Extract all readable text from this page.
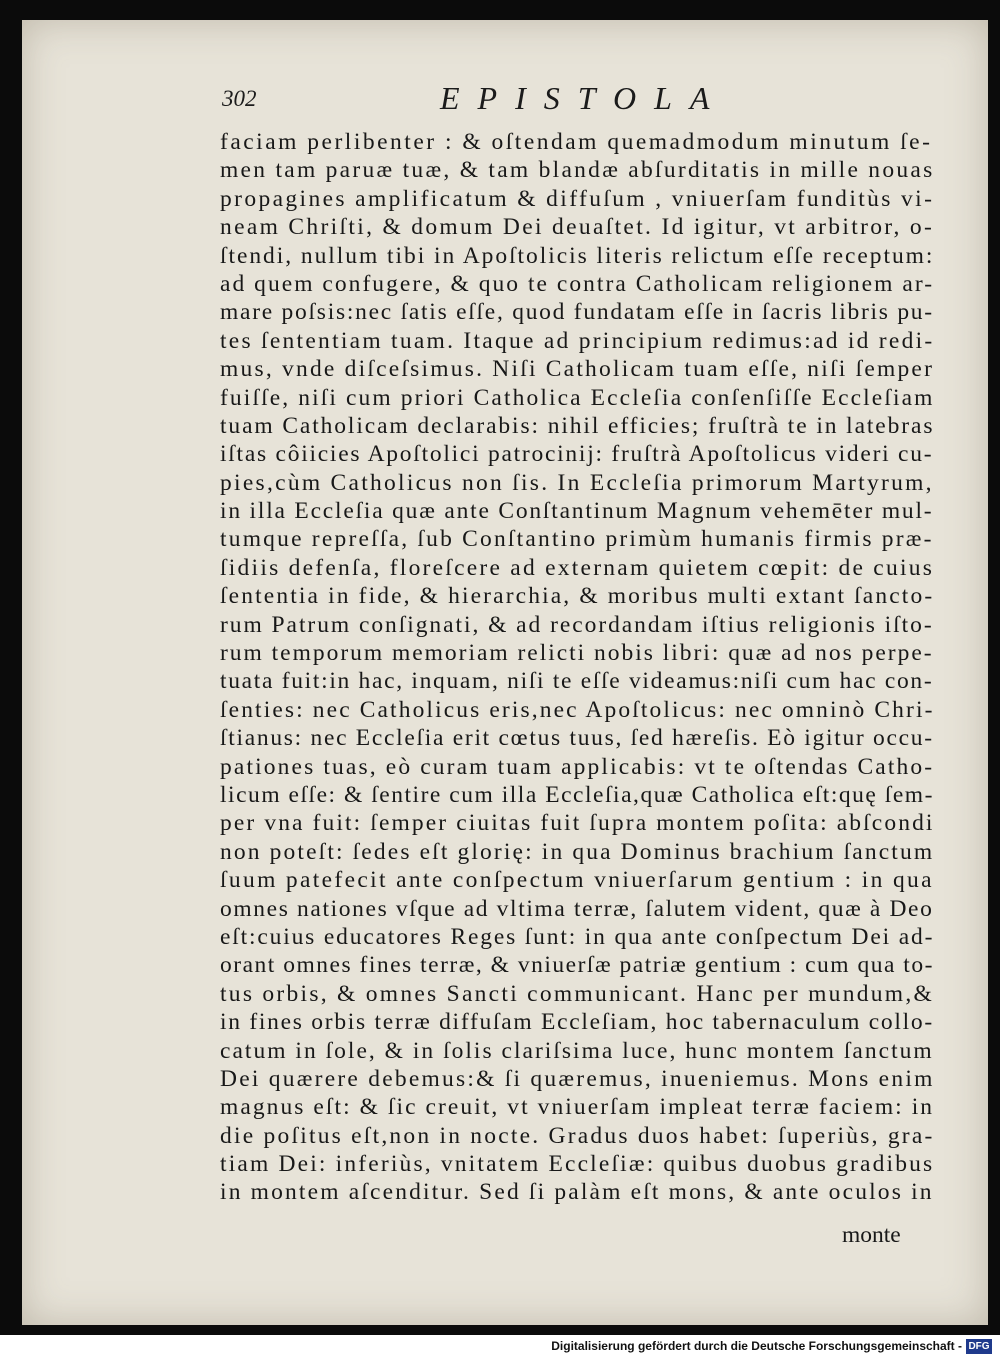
302	EPISTOLA
faciam perlibenter : & oſtendam quemadmodum minutum ſe-
men tam paruæ tuæ, & tam blandæ abſurditatis in mille nouas
propagines amplificatum & diffuſum , vniuerſam funditùs vi-
neam Chriſti, & domum Dei deuaſtet. Id igitur, vt arbitror, o-
ſtendi, nullum tibi in Apoſtolicis literis relictum eſſe receptum:
ad quem confugere, & quo te contra Catholicam religionem ar-
mare poſsis:nec ſatis eſſe, quod fundatam eſſe in ſacris libris pu-
tes ſententiam tuam. Itaque ad principium redimus:ad id redi-
mus, vnde diſceſsimus. Niſi Catholicam tuam eſſe, niſi ſemper
fuiſſe, niſi cum priori Catholica Eccleſia conſenſiſſe Eccleſiam
tuam Catholicam declarabis: nihil efficies; fruſtrà te in latebras
iſtas côiicies Apoſtolici patrocinij: fruſtrà Apoſtolicus videri cu-
pies,cùm Catholicus non ſis. In Eccleſia primorum Martyrum,
in illa Eccleſia quæ ante Conſtantinum Magnum vehemēter mul-
tumque repreſſa, ſub Conſtantino primùm humanis firmis præ-
ſidiis defenſa, floreſcere ad externam quietem cœpit: de cuius
ſententia in fide, & hierarchia, & moribus multi extant ſancto-
rum Patrum conſignati, & ad recordandam iſtius religionis iſto-
rum temporum memoriam relicti nobis libri: quæ ad nos perpe-
tuata fuit:in hac, inquam, niſi te eſſe videamus:niſi cum hac con-
ſenties: nec Catholicus eris,nec Apoſtolicus: nec omninò Chri-
ſtianus: nec Eccleſia erit cœtus tuus, ſed hæreſis. Eò igitur occu-
pationes tuas, eò curam tuam applicabis: vt te oſtendas Catho-
licum eſſe: & ſentire cum illa Eccleſia,quæ Catholica eſt:quę ſem-
per vna fuit: ſemper ciuitas fuit ſupra montem poſita: abſcondi
non poteſt: ſedes eſt glorię: in qua Dominus brachium ſanctum
ſuum patefecit ante conſpectum vniuerſarum gentium : in qua
omnes nationes vſque ad vltima terræ, ſalutem vident, quæ à Deo
eſt:cuius educatores Reges ſunt: in qua ante conſpectum Dei ad-
orant omnes fines terræ, & vniuerſæ patriæ gentium : cum qua to-
tus orbis, & omnes Sancti communicant. Hanc per mundum,&
in fines orbis terræ diffuſam Eccleſiam, hoc tabernaculum collo-
catum in ſole, & in ſolis clariſsima luce, hunc montem ſanctum
Dei quærere debemus:& ſi quæremus, inueniemus. Mons enim
magnus eſt: & ſic creuit, vt vniuerſam impleat terræ faciem: in
die poſitus eſt,non in nocte. Gradus duos habet: ſuperiùs, gra-
tiam Dei: inferiùs, vnitatem Eccleſiæ: quibus duobus gradibus
in montem aſcenditur. Sed ſi palàm eſt mons, & ante oculos in
monte
Digitalisierung gefördert durch die Deutsche Forschungsgemeinschaft - DFG
